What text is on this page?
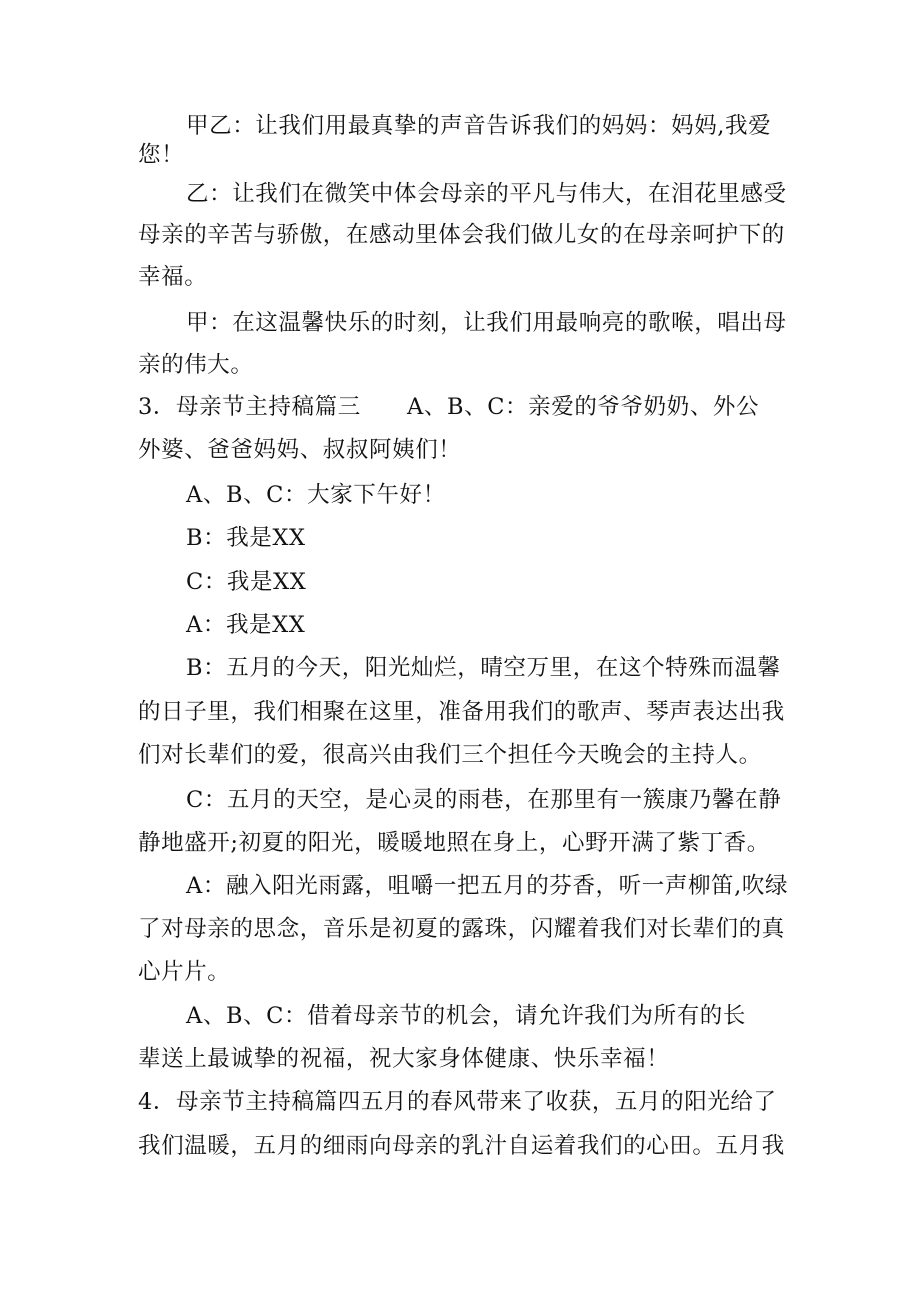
甲乙：让我们用最真挚的声音告诉我们的妈妈：妈妈,我爱
您！
乙：让我们在微笑中体会母亲的平凡与伟大，在泪花里感受
母亲的辛苦与骄傲，在感动里体会我们做儿女的在母亲呵护下的
幸福。
甲：在这温馨快乐的时刻，让我们用最响亮的歌喉，唱出母
亲的伟大。
3．母亲节主持稿篇三　　A、B、C：亲爱的爷爷奶奶、外公
外婆、爸爸妈妈、叔叔阿姨们！
A、B、C：大家下午好！
B：我是XX
C：我是XX
A：我是XX
B：五月的今天，阳光灿烂，晴空万里，在这个特殊而温馨
的日子里，我们相聚在这里，准备用我们的歌声、琴声表达出我
们对长辈们的爱，很高兴由我们三个担任今天晚会的主持人。
C：五月的天空，是心灵的雨巷，在那里有一簇康乃馨在静
静地盛开;初夏的阳光，暖暖地照在身上，心野开满了紫丁香。
A：融入阳光雨露，咀嚼一把五月的芬香，听一声柳笛,吹绿
了对母亲的思念，音乐是初夏的露珠，闪耀着我们对长辈们的真
心片片。
A、B、C：借着母亲节的机会，请允许我们为所有的长
辈送上最诚挚的祝福，祝大家身体健康、快乐幸福！
4．母亲节主持稿篇四五月的春风带来了收获，五月的阳光给了
我们温暖，五月的细雨向母亲的乳汁自运着我们的心田。五月我
